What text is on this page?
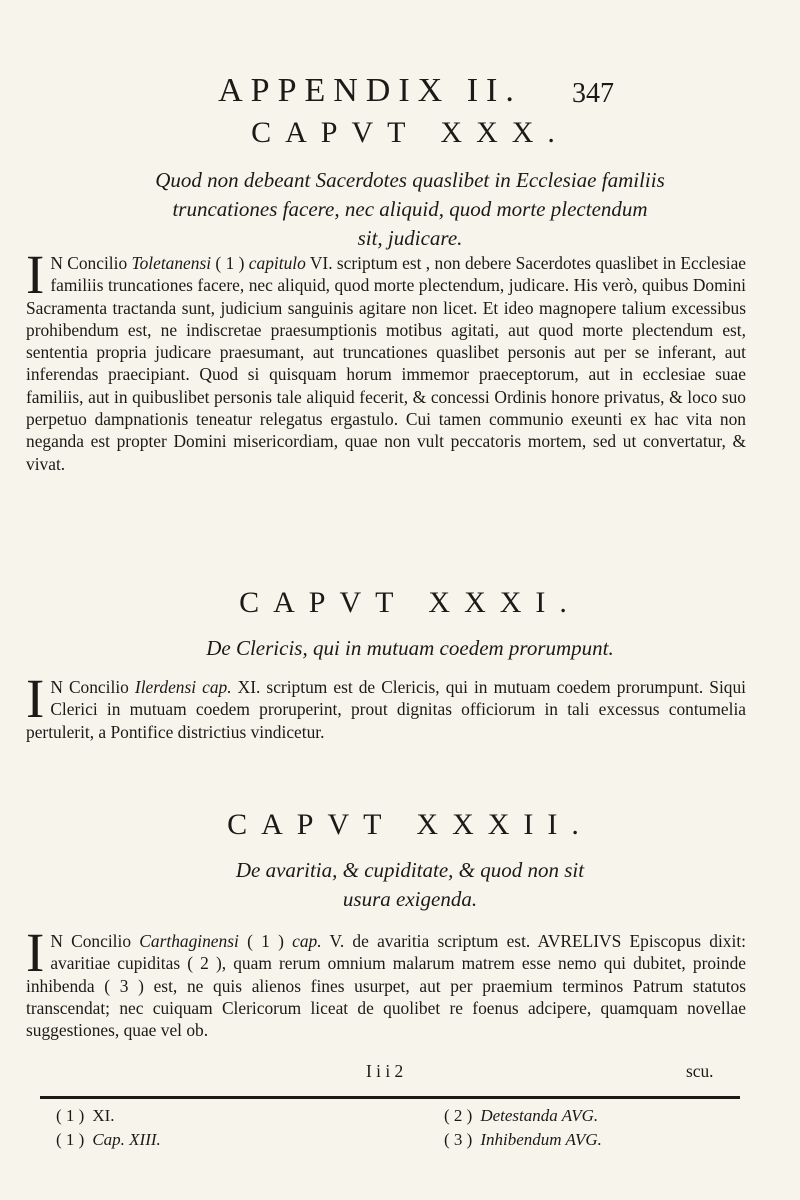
APPENDIX II.	347
CAPVT XXX.
Quod non debeant Sacerdotes quaslibet in Ecclesiae familiis
truncationes facere, nec aliquid, quod morte plectendum
sit, judicare.
I N Concilio Toletanensi ( 1 ) capitulo VI. scriptum est , non debere Sacerdotes quaslibet in Ecclesiae familiis truncationes facere, nec aliquid, quod morte plectendum, judicare. His verò, quibus Domini Sacramenta tractanda sunt, judicium sanguinis agitare non licet. Et ideo magnopere talium excessibus prohibendum est, ne indiscretae praesumptionis motibus agitati, aut quod morte plectendum est, sententia propria judicare praesumant, aut truncationes quaslibet personis aut per se inferant, aut inferendas praecipiant. Quod si quisquam horum immemor praeceptorum, aut in ecclesiae suae familiis, aut in quibuslibet personis tale aliquid fecerit, & concessi Ordinis honore privatus, & loco suo perpetuo dampnationis teneatur relegatus ergastulo. Cui tamen communio exeunti ex hac vita non neganda est propter Domini misericordiam, quae non vult peccatoris mortem, sed ut convertatur, & vivat.
CAPVT XXXI.
De Clericis, qui in mutuam coedem prorumpunt.
I N Concilio Ilerdensi cap. XI. scriptum est de Clericis, qui in mutuam coedem prorumpunt. Siqui Clerici in mutuam coedem proruperint, prout dignitas officiorum in tali excessus contumelia pertulerit, a Pontifice districtius vindicetur.
CAPVT XXXII.
De avaritia, & cupiditate, & quod non sit
usura exigenda.
I N Concilio Carthaginensi ( 1 ) cap. V. de avaritia scriptum est. AVRELIVS Episcopus dixit: avaritiae cupiditas ( 2 ), quam rerum omnium malarum matrem esse nemo qui dubitet, proinde inhibenda ( 3 ) est, ne quis alienos fines usurpet, aut per praemium terminos Patrum statutos transcendat; nec cuiquam Clericorum liceat de quolibet re foenus adcipere, quamquam novellae suggestiones, quae vel ob.
I i i 2	scu.
( 1 ) XI.
( 1 ) Cap. XIII.
( 2 ) Detestanda AVG.
( 3 ) Inhibendum AVG.
